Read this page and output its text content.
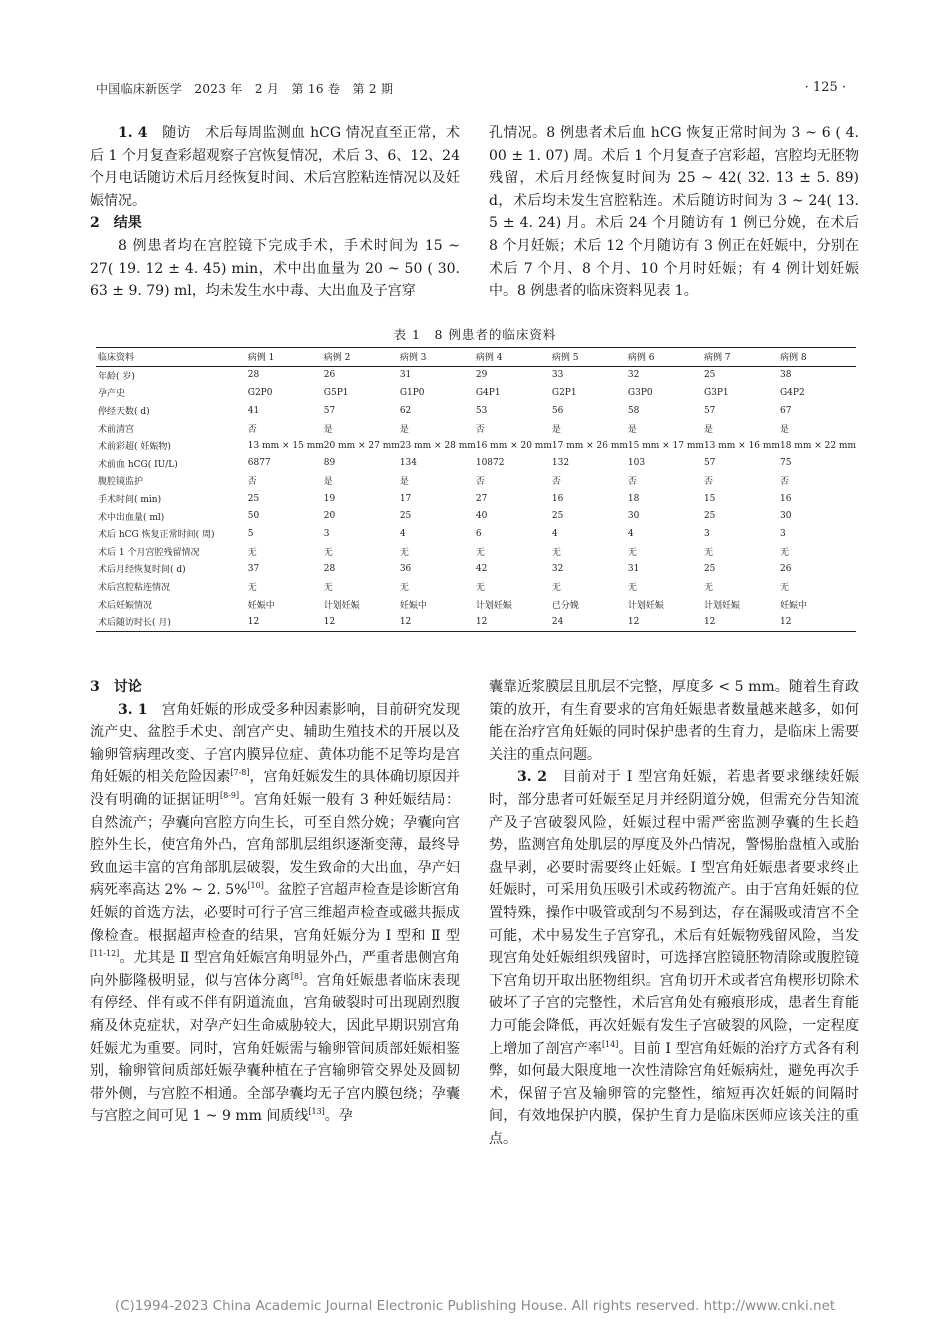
中国临床新医学　2023 年　2 月　第 16 卷　第 2 期	· 125 ·

1. 4　 随访　术后每周监测血 hCG 情况直至正常，术后 1 个月复查彩超观察子宫恢复情况，术后 3、6、12、24 个月电话随访术后月经恢复时间、术后宫腔粘连情况以及妊娠情况。

2　结果

8 例患者均在宫腔镜下完成手术，手术时间为 15 ~ 27( 19. 12 ± 4. 45) min，术中出血量为 20 ~ 50 ( 30. 63 ± 9. 79) ml，均未发生水中毒、大出血及子宫穿

孔情况。8 例患者术后血 hCG 恢复正常时间为 3 ~ 6 ( 4. 00 ± 1. 07) 周。术后 1 个月复查子宫彩超，宫腔均无胚物残留，术后月经恢复时间为 25 ~ 42( 32. 13 ± 5. 89) d，术后均未发生宫腔粘连。术后随访时间为 3 ~ 24( 13. 5 ± 4. 24) 月。术后 24 个月随访有 1 例已分娩，在术后 8 个月妊娠；术后 12 个月随访有 3 例正在妊娠中，分别在术后 7 个月、8 个月、10 个月时妊娠；有 4 例计划妊娠中。8 例患者的临床资料见表 1。

表 1　8 例患者的临床资料
临床资料	病例 1	病例 2	病例 3	病例 4	病例 5	病例 6	病例 7	病例 8
年龄( 岁)	28	26	31	29	33	32	25	38
孕产史	G2P0	G5P1	G1P0	G4P1	G2P1	G3P0	G3P1	G4P2
停经天数( d)	41	57	62	53	56	58	57	67
术前清宫	否	是	是	否	是	是	是	是
术前彩超( 妊娠物)	13 mm × 15 mm	20 mm × 27 mm	23 mm × 28 mm	16 mm × 20 mm	17 mm × 26 mm	15 mm × 17 mm	13 mm × 16 mm	18 mm × 22 mm
术前血 hCG( IU/L)	6877	89	134	10872	132	103	57	75
腹腔镜监护	否	是	是	否	否	否	否	否
手术时间( min)	25	19	17	27	16	18	15	16
术中出血量( ml)	50	20	25	40	25	30	25	30
术后 hCG 恢复正常时间( 周)	5	3	4	6	4	4	3	3
术后 1 个月宫腔残留情况	无	无	无	无	无	无	无	无
术后月经恢复时间( d)	37	28	36	42	32	31	25	26
术后宫腔粘连情况	无	无	无	无	无	无	无	无
术后妊娠情况	妊娠中	计划妊娠	妊娠中	计划妊娠	已分娩	计划妊娠	计划妊娠	妊娠中
术后随访时长( 月)	12	12	12	12	24	12	12	12

3　讨论

3. 1　 宫角妊娠的形成受多种因素影响，目前研究发现流产史、盆腔手术史、剖宫产史、辅助生殖技术的开展以及输卵管病理改变、子宫内膜异位症、黄体功能不足等均是宫角妊娠的相关危险因素[7-8]，宫角妊娠发生的具体确切原因并没有明确的证据证明[8-9]。宫角妊娠一般有 3 种妊娠结局：自然流产；孕囊向宫腔方向生长，可至自然分娩；孕囊向宫腔外生长，使宫角外凸，宫角部肌层组织逐渐变薄，最终导致血运丰富的宫角部肌层破裂，发生致命的大出血，孕产妇病死率高达 2% ~ 2. 5%[10]。盆腔子宫超声检查是诊断宫角妊娠的首选方法，必要时可行子宫三维超声检查或磁共振成像检查。根据超声检查的结果，宫角妊娠分为 Ⅰ 型和 Ⅱ 型[11-12]。尤其是 Ⅱ 型宫角妊娠宫角明显外凸，严重者患侧宫角向外膨隆极明显，似与宫体分离[8]。宫角妊娠患者临床表现有停经、伴有或不伴有阴道流血，宫角破裂时可出现剧烈腹痛及休克症状，对孕产妇生命威胁较大，因此早期识别宫角妊娠尤为重要。同时，宫角妊娠需与输卵管间质部妊娠相鉴别，输卵管间质部妊娠孕囊种植在子宫输卵管交界处及圆韧带外侧，与宫腔不相通。全部孕囊均无子宫内膜包绕；孕囊与宫腔之间可见 1 ~ 9 mm 间质线[13]。孕

囊靠近浆膜层且肌层不完整，厚度多 < 5 mm。随着生育政策的放开，有生育要求的宫角妊娠患者数量越来越多，如何能在治疗宫角妊娠的同时保护患者的生育力，是临床上需要关注的重点问题。

3. 2　 目前对于 Ⅰ 型宫角妊娠，若患者要求继续妊娠时，部分患者可妊娠至足月并经阴道分娩，但需充分告知流产及子宫破裂风险，妊娠过程中需严密监测孕囊的生长趋势，监测宫角处肌层的厚度及外凸情况，警惕胎盘植入或胎盘早剥，必要时需要终止妊娠。Ⅰ 型宫角妊娠患者要求终止妊娠时，可采用负压吸引术或药物流产。由于宫角妊娠的位置特殊，操作中吸管或刮匀不易到达，存在漏吸或清宫不全可能，术中易发生子宫穿孔，术后有妊娠物残留风险，当发现宫角处妊娠组织残留时，可选择宫腔镜胚物清除或腹腔镜下宫角切开取出胚物组织。宫角切开术或者宫角楔形切除术破坏了子宫的完整性，术后宫角处有瘢痕形成，患者生育能力可能会降低，再次妊娠有发生子宫破裂的风险，一定程度上增加了剖宫产率[14]。目前 Ⅰ 型宫角妊娠的治疗方式各有利弊，如何最大限度地一次性清除宫角妊娠病灶，避免再次手术，保留子宫及输卵管的完整性，缩短再次妊娠的间隔时间，有效地保护内膜，保护生育力是临床医师应该关注的重点。

(C)1994-2023 China Academic Journal Electronic Publishing House. All rights reserved. http://www.cnki.net
